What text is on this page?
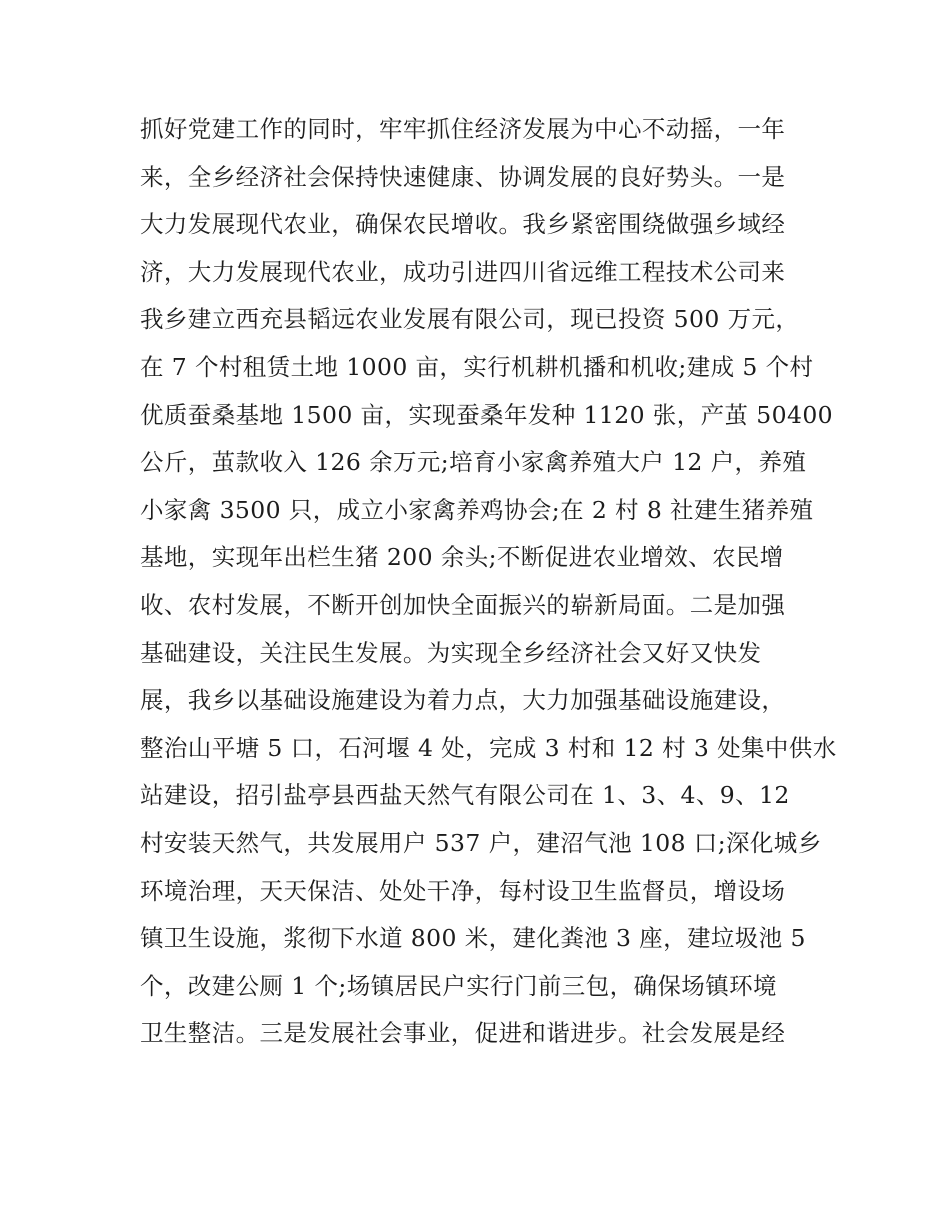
抓好党建工作的同时，牢牢抓住经济发展为中心不动摇，一年
来，全乡经济社会保持快速健康、协调发展的良好势头。一是
大力发展现代农业，确保农民增收。我乡紧密围绕做强乡域经
济，大力发展现代农业，成功引进四川省远维工程技术公司来
我乡建立西充县韬远农业发展有限公司，现已投资 500 万元，
在 7 个村租赁土地 1000 亩，实行机耕机播和机收;建成 5 个村
优质蚕桑基地 1500 亩，实现蚕桑年发种 1120 张，产茧 50400
公斤，茧款收入 126 余万元;培育小家禽养殖大户 12 户，养殖
小家禽 3500 只，成立小家禽养鸡协会;在 2 村 8 社建生猪养殖
基地，实现年出栏生猪 200 余头;不断促进农业增效、农民增
收、农村发展，不断开创加快全面振兴的崭新局面。二是加强
基础建设，关注民生发展。为实现全乡经济社会又好又快发
展，我乡以基础设施建设为着力点，大力加强基础设施建设，
整治山平塘 5 口，石河堰 4 处，完成 3 村和 12 村 3 处集中供水
站建设，招引盐亭县西盐天然气有限公司在 1、3、4、9、12
村安装天然气，共发展用户 537 户，建沼气池 108 口;深化城乡
环境治理，天天保洁、处处干净，每村设卫生监督员，增设场
镇卫生设施，浆彻下水道 800 米，建化粪池 3 座，建垃圾池 5
个，改建公厕 1 个;场镇居民户实行门前三包，确保场镇环境
卫生整洁。三是发展社会事业，促进和谐进步。社会发展是经
